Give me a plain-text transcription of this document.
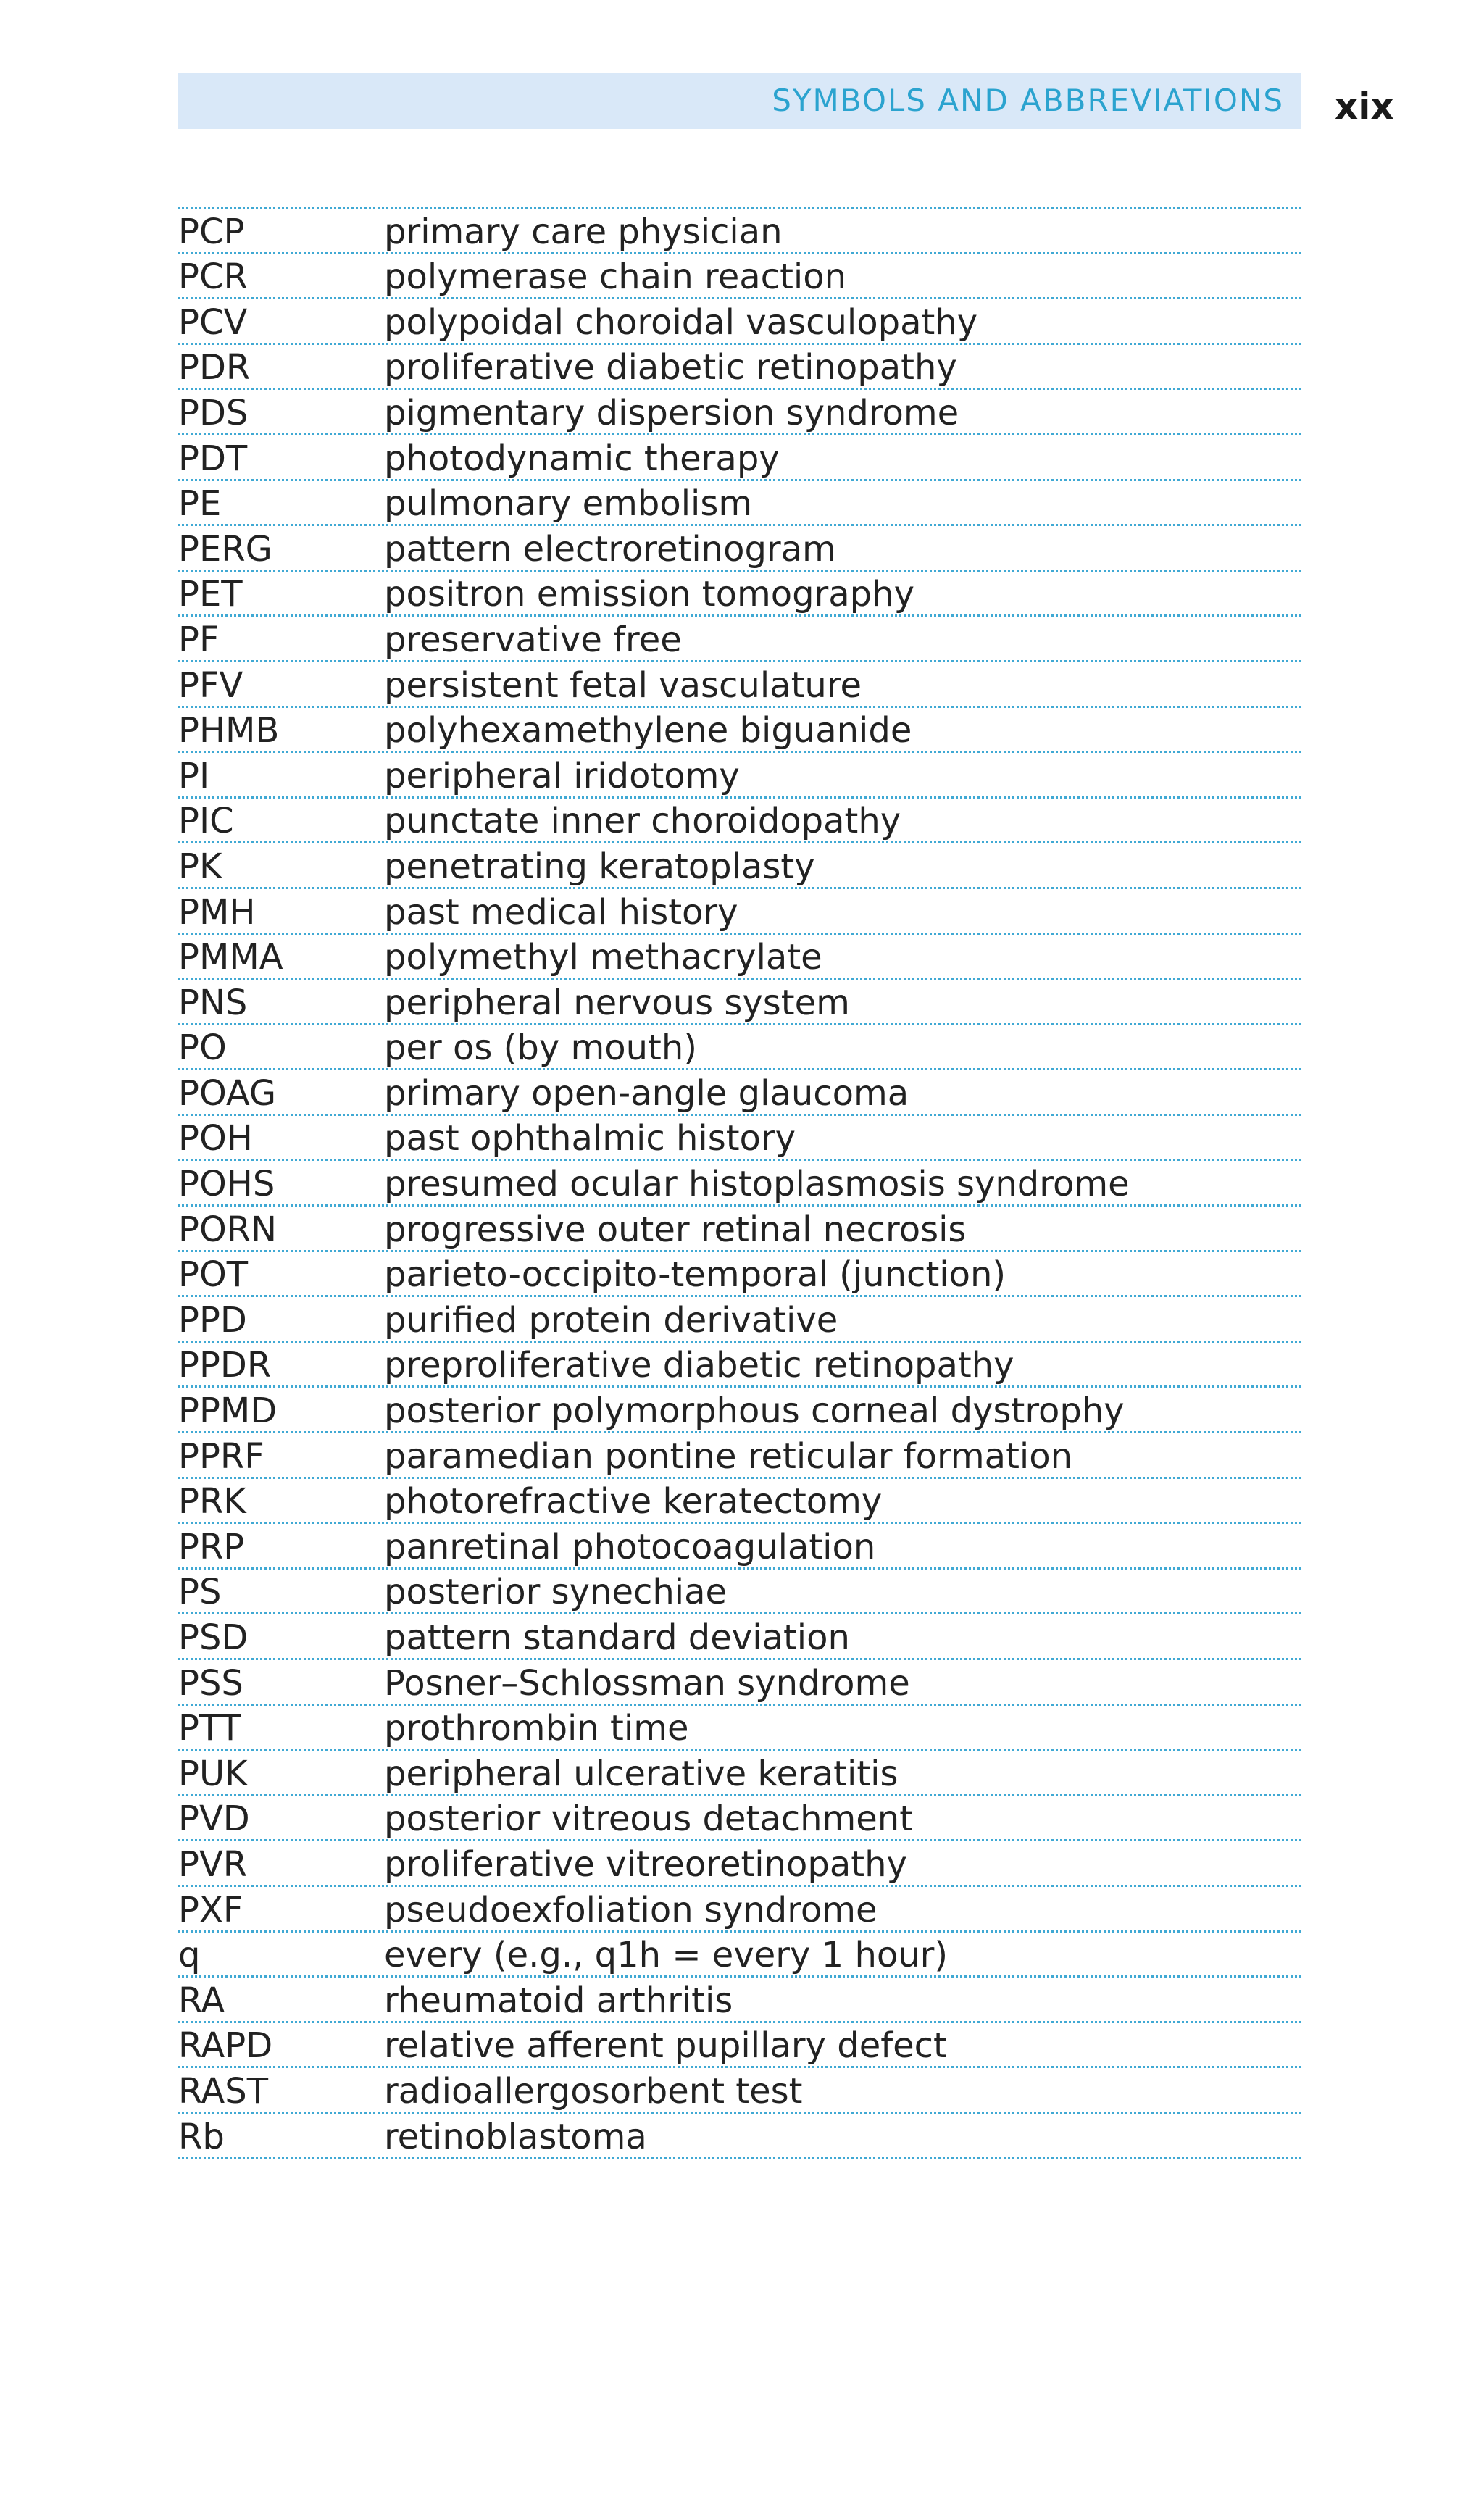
SYMBOLS AND ABBREVIATIONS xix
PCP	primary care physician
PCR	polymerase chain reaction
PCV	polypoidal choroidal vasculopathy
PDR	proliferative diabetic retinopathy
PDS	pigmentary dispersion syndrome
PDT	photodynamic therapy
PE	pulmonary embolism
PERG	pattern electroretinogram
PET	positron emission tomography
PF	preservative free
PFV	persistent fetal vasculature
PHMB	polyhexamethylene biguanide
PI	peripheral iridotomy
PIC	punctate inner choroidopathy
PK	penetrating keratoplasty
PMH	past medical history
PMMA	polymethyl methacrylate
PNS	peripheral nervous system
PO	per os (by mouth)
POAG	primary open-angle glaucoma
POH	past ophthalmic history
POHS	presumed ocular histoplasmosis syndrome
PORN	progressive outer retinal necrosis
POT	parieto-occipito-temporal (junction)
PPD	purified protein derivative
PPDR	preproliferative diabetic retinopathy
PPMD	posterior polymorphous corneal dystrophy
PPRF	paramedian pontine reticular formation
PRK	photorefractive keratectomy
PRP	panretinal photocoagulation
PS	posterior synechiae
PSD	pattern standard deviation
PSS	Posner–Schlossman syndrome
PTT	prothrombin time
PUK	peripheral ulcerative keratitis
PVD	posterior vitreous detachment
PVR	proliferative vitreoretinopathy
PXF	pseudoexfoliation syndrome
q	every (e.g., q1h = every 1 hour)
RA	rheumatoid arthritis
RAPD	relative afferent pupillary defect
RAST	radioallergosorbent test
Rb	retinoblastoma
